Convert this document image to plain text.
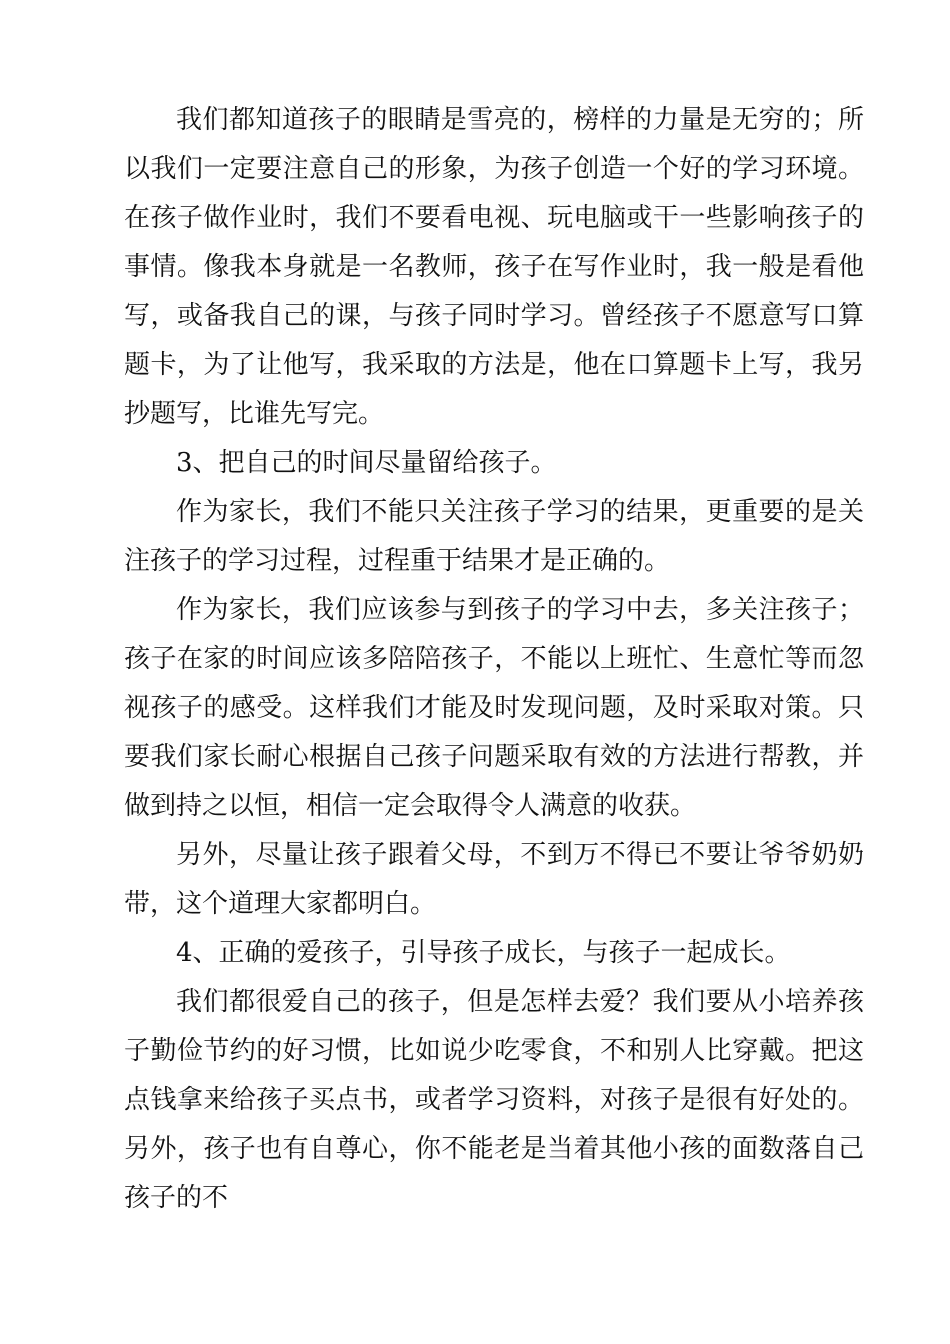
我们都知道孩子的眼睛是雪亮的，榜样的力量是无穷的；所以我们一定要注意自己的形象，为孩子创造一个好的学习环境。在孩子做作业时，我们不要看电视、玩电脑或干一些影响孩子的事情。像我本身就是一名教师，孩子在写作业时，我一般是看他写，或备我自己的课，与孩子同时学习。曾经孩子不愿意写口算题卡，为了让他写，我采取的方法是，他在口算题卡上写，我另抄题写，比谁先写完。

3、把自己的时间尽量留给孩子。

作为家长，我们不能只关注孩子学习的结果，更重要的是关注孩子的学习过程，过程重于结果才是正确的。

作为家长，我们应该参与到孩子的学习中去，多关注孩子；孩子在家的时间应该多陪陪孩子，不能以上班忙、生意忙等而忽视孩子的感受。这样我们才能及时发现问题，及时采取对策。只要我们家长耐心根据自己孩子问题采取有效的方法进行帮教，并做到持之以恒，相信一定会取得令人满意的收获。

另外，尽量让孩子跟着父母，不到万不得已不要让爷爷奶奶带，这个道理大家都明白。

4、正确的爱孩子，引导孩子成长，与孩子一起成长。

我们都很爱自己的孩子，但是怎样去爱？我们要从小培养孩子勤俭节约的好习惯，比如说少吃零食，不和别人比穿戴。把这点钱拿来给孩子买点书，或者学习资料，对孩子是很有好处的。另外，孩子也有自尊心，你不能老是当着其他小孩的面数落自己孩子的不
